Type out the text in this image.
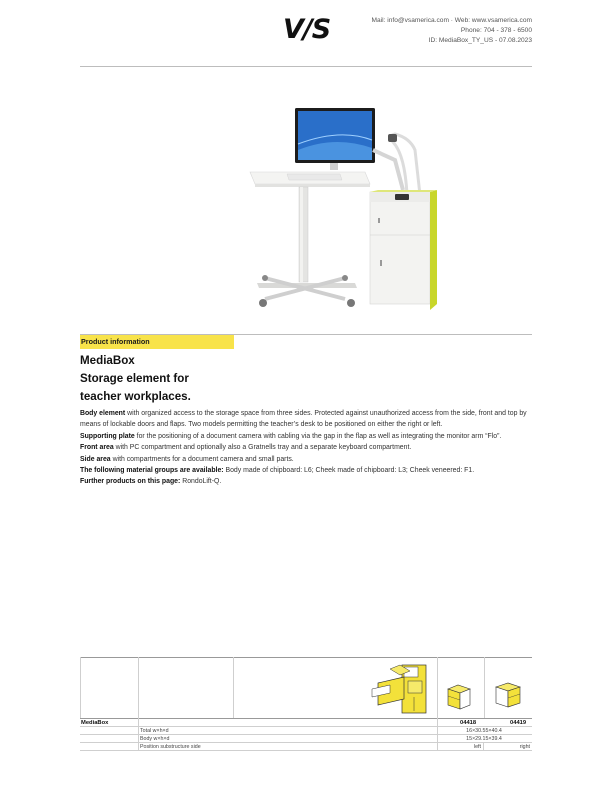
V/S	Mail: info@vsamerica.com · Web: www.vsamerica.com
Phone: 704 - 378 - 6500
ID: MediaBox_TY_US - 07.08.2023
Product information
MediaBox
Storage element for
teacher workplaces.

Body element with organized access to the storage space from three sides. Protected against unauthorized access from the side, front and top by means of lockable doors and flaps. Two models permitting the teacher’s desk to be positioned on either the right or left.

Supporting plate for the positioning of a document camera with cabling via the gap in the flap as well as integrating the monitor arm “Flo”.

Front area with PC compartment and optionally also a Gratnells tray and a separate keyboard compartment.

Side area with compartments for a document camera and small parts.

The following material groups are available: Body made of chipboard: L6; Cheek made of chipboard: L3; Cheek veneered: F1.

Further products on this page: RondoLift-Q.

MediaBox	04418	04419
Total w×h×d	16×30.55×40.4
Body w×h×d	15×29.15×39.4
Position substructure side	left	right
